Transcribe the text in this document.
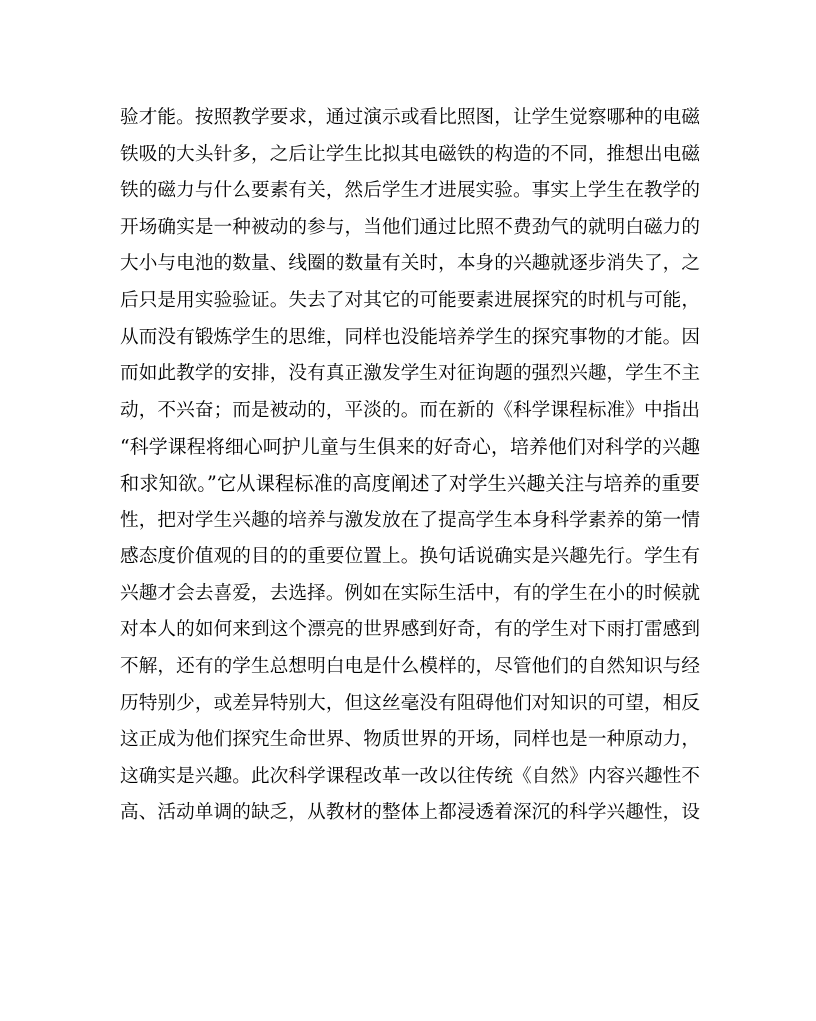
验才能。按照教学要求，通过演示或看比照图，让学生觉察哪种的电磁
铁吸的大头针多，之后让学生比拟其电磁铁的构造的不同，推想出电磁
铁的磁力与什么要素有关，然后学生才进展实验。事实上学生在教学的
开场确实是一种被动的参与，当他们通过比照不费劲气的就明白磁力的
大小与电池的数量、线圈的数量有关时，本身的兴趣就逐步消失了，之
后只是用实验验证。失去了对其它的可能要素进展探究的时机与可能，
从而没有锻炼学生的思维，同样也没能培养学生的探究事物的才能。因
而如此教学的安排，没有真正激发学生对征询题的强烈兴趣，学生不主
动，不兴奋；而是被动的，平淡的。而在新的《科学课程标准》中指出
“科学课程将细心呵护儿童与生俱来的好奇心，培养他们对科学的兴趣
和求知欲。”它从课程标准的高度阐述了对学生兴趣关注与培养的重要
性，把对学生兴趣的培养与激发放在了提高学生本身科学素养的第一情
感态度价值观的目的的重要位置上。换句话说确实是兴趣先行。学生有
兴趣才会去喜爱，去选择。例如在实际生活中，有的学生在小的时候就
对本人的如何来到这个漂亮的世界感到好奇，有的学生对下雨打雷感到
不解，还有的学生总想明白电是什么模样的，尽管他们的自然知识与经
历特别少，或差异特别大，但这丝毫没有阻碍他们对知识的可望，相反
这正成为他们探究生命世界、物质世界的开场，同样也是一种原动力，
这确实是兴趣。此次科学课程改革一改以往传统《自然》内容兴趣性不
高、活动单调的缺乏，从教材的整体上都浸透着深沉的科学兴趣性，设
